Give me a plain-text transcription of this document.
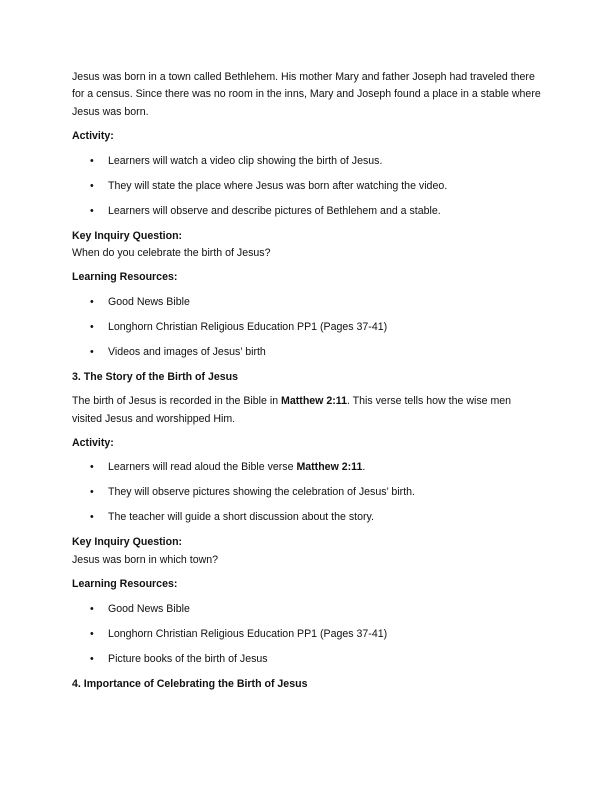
Jesus was born in a town called Bethlehem. His mother Mary and father Joseph had traveled there for a census. Since there was no room in the inns, Mary and Joseph found a place in a stable where Jesus was born.

Activity:

• Learners will watch a video clip showing the birth of Jesus.
• They will state the place where Jesus was born after watching the video.
• Learners will observe and describe pictures of Bethlehem and a stable.

Key Inquiry Question:

When do you celebrate the birth of Jesus?

Learning Resources:

• Good News Bible
• Longhorn Christian Religious Education PP1 (Pages 37-41)
• Videos and images of Jesus’ birth

3. The Story of the Birth of Jesus

The birth of Jesus is recorded in the Bible in Matthew 2:11. This verse tells how the wise men visited Jesus and worshipped Him.

Activity:

• Learners will read aloud the Bible verse Matthew 2:11.
• They will observe pictures showing the celebration of Jesus’ birth.
• The teacher will guide a short discussion about the story.

Key Inquiry Question:

Jesus was born in which town?

Learning Resources:

• Good News Bible
• Longhorn Christian Religious Education PP1 (Pages 37-41)
• Picture books of the birth of Jesus

4. Importance of Celebrating the Birth of Jesus
